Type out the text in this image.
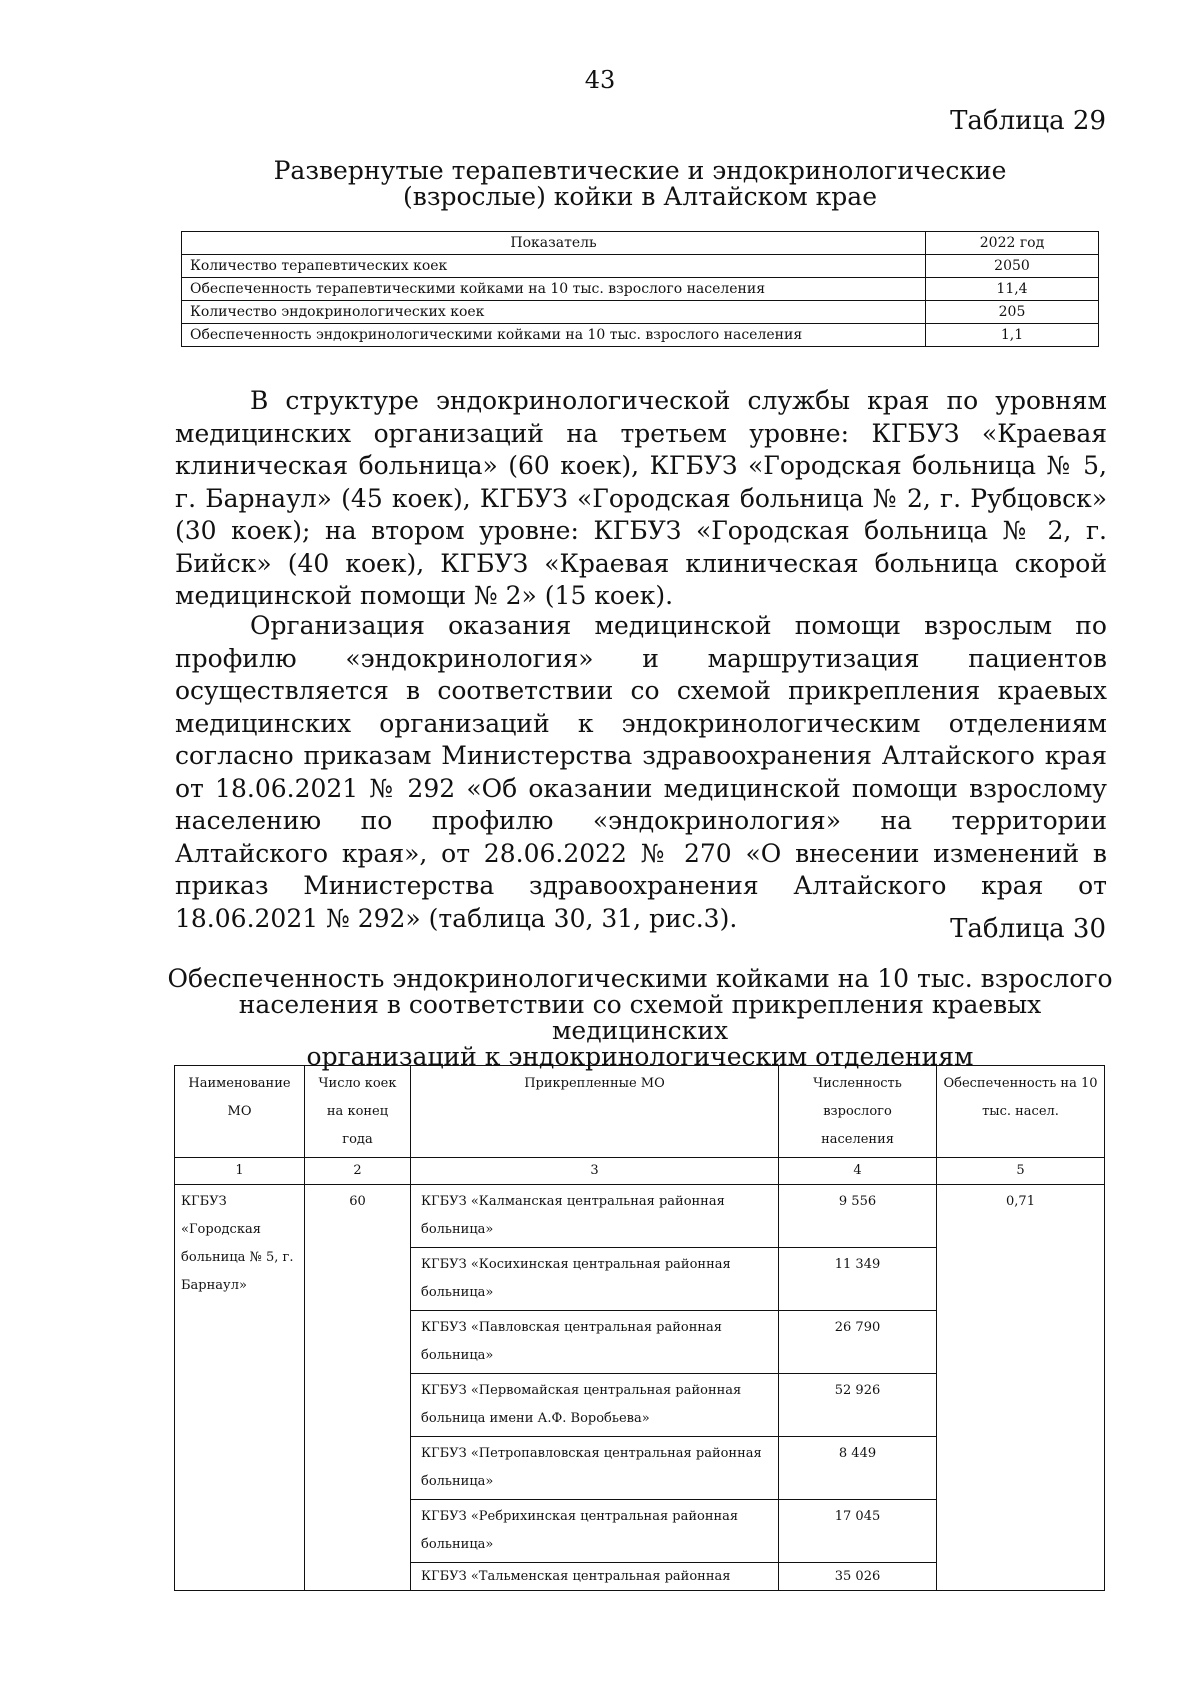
43
Таблица 29
Развернутые терапевтические и эндокринологические
(взрослые) койки в Алтайском крае
Показатель	2022 год
Количество терапевтических коек	2050
Обеспеченность терапевтическими койками на 10 тыс. взрослого населения	11,4
Количество эндокринологических коек	205
Обеспеченность эндокринологическими койками на 10 тыс. взрослого населения	1,1

В структуре эндокринологической службы края по уровням медицинских организаций на третьем уровне: КГБУЗ «Краевая клиническая больница» (60 коек), КГБУЗ «Городская больница № 5, г. Барнаул» (45 коек), КГБУЗ «Городская больница № 2, г. Рубцовск» (30 коек); на втором уровне: КГБУЗ «Городская больница № 2, г. Бийск» (40 коек), КГБУЗ «Краевая клиническая больница скорой медицинской помощи № 2» (15 коек).

Организация оказания медицинской помощи взрослым по профилю «эндокринология» и маршрутизация пациентов осуществляется в соответствии со схемой прикрепления краевых медицинских организаций к эндокринологическим отделениям согласно приказам Министерства здравоохранения Алтайского края от 18.06.2021 № 292 «Об оказании медицинской помощи взрослому населению по профилю «эндокринология» на территории Алтайского края», от 28.06.2022 № 270 «О внесении изменений в приказ Министерства здравоохранения Алтайского края от 18.06.2021 № 292» (таблица 30, 31, рис.3).	Таблица 30
Обеспеченность эндокринологическими койками на 10 тыс. взрослого
населения в соответствии со схемой прикрепления краевых медицинских
организаций к эндокринологическим отделениям
Наименование МО	Число коек на конец года	Прикрепленные МО	Численность взрослого населения	Обеспеченность на 10 тыс. насел.
1	2	3	4	5
КГБУЗ «Городская больница № 5, г. Барнаул»	60	КГБУЗ «Калманская центральная районная больница»	9 556	0,71
		КГБУЗ «Косихинская центральная районная больница»	11 349	
		КГБУЗ «Павловская центральная районная больница»	26 790	
		КГБУЗ «Первомайская центральная районная больница имени А.Ф. Воробьева»	52 926	
		КГБУЗ «Петропавловская центральная районная больница»	8 449	
		КГБУЗ «Ребрихинская центральная районная больница»	17 045	
		КГБУЗ «Тальменская центральная районная	35 026	
